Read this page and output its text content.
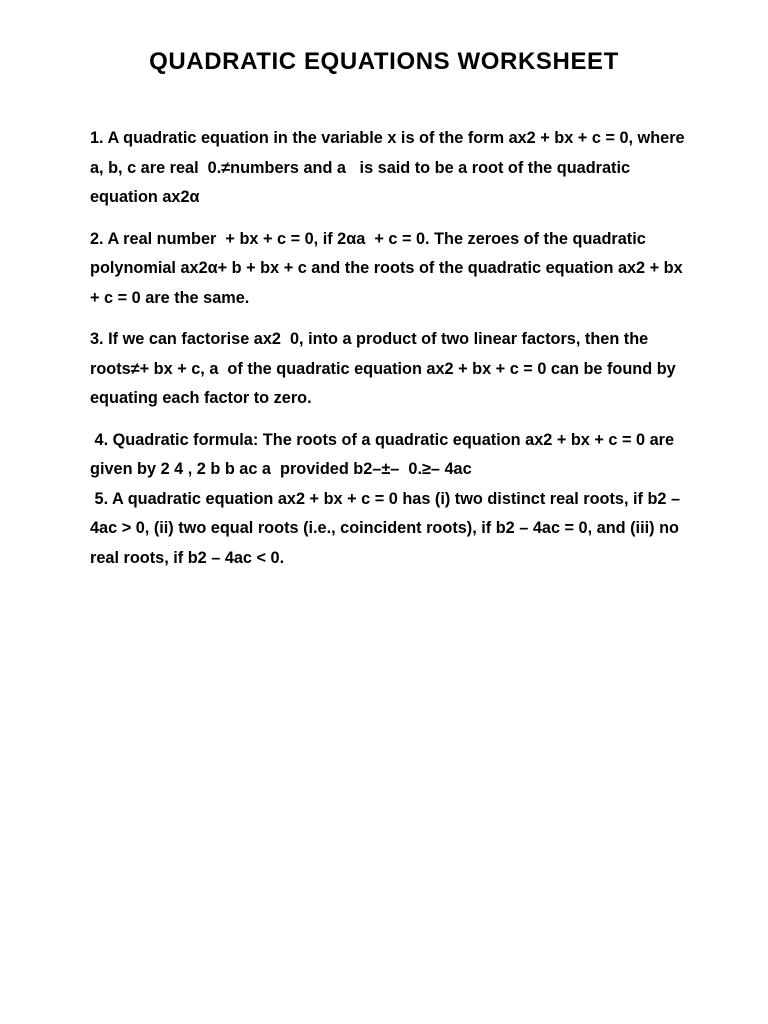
QUADRATIC EQUATIONS WORKSHEET

1. A quadratic equation in the variable x is of the form ax2 + bx + c = 0, where a, b, c are real  0.≠numbers and a   is said to be a root of the quadratic equation ax2α

2. A real number  + bx + c = 0, if 2αa  + c = 0. The zeroes of the quadratic polynomial ax2α+ b + bx + c and the roots of the quadratic equation ax2 + bx + c = 0 are the same.

3. If we can factorise ax2  0, into a product of two linear factors, then the roots≠+ bx + c, a  of the quadratic equation ax2 + bx + c = 0 can be found by equating each factor to zero.

4. Quadratic formula: The roots of a quadratic equation ax2 + bx + c = 0 are given by 2 4 , 2 b b ac a  provided b2–±–  0.≥– 4ac

5. A quadratic equation ax2 + bx + c = 0 has (i) two distinct real roots, if b2 – 4ac > 0, (ii) two equal roots (i.e., coincident roots), if b2 – 4ac = 0, and (iii) no real roots, if b2 – 4ac < 0.
